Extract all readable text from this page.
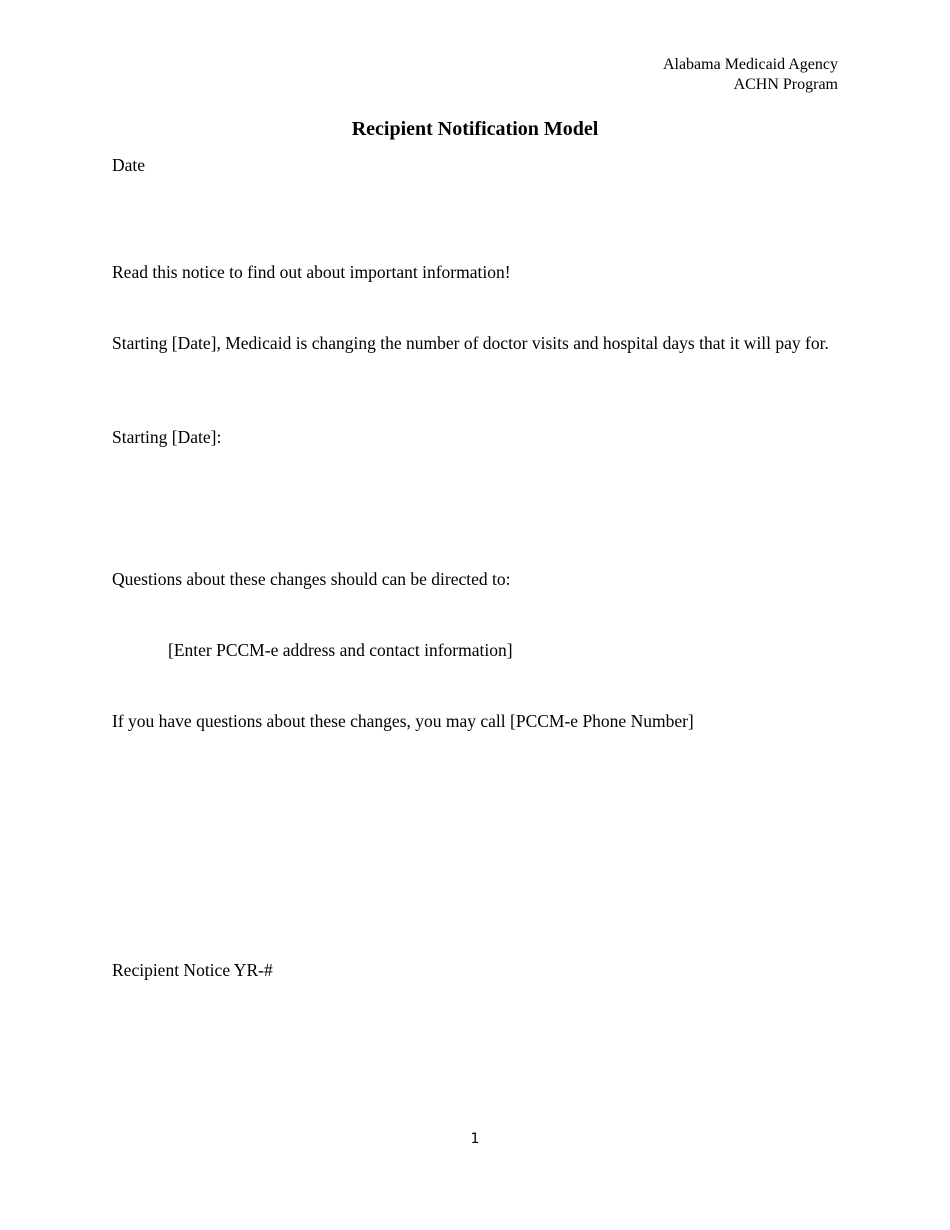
Alabama Medicaid Agency
ACHN Program
Recipient Notification Model
Date
Read this notice to find out about important information!
Starting [Date], Medicaid is changing the number of doctor visits and hospital days that it will pay for.
Starting [Date]:
Questions about these changes should can be directed to:
[Enter PCCM-e address and contact information]
If you have questions about these changes, you may call [PCCM-e Phone Number]
Recipient Notice YR-#
1
